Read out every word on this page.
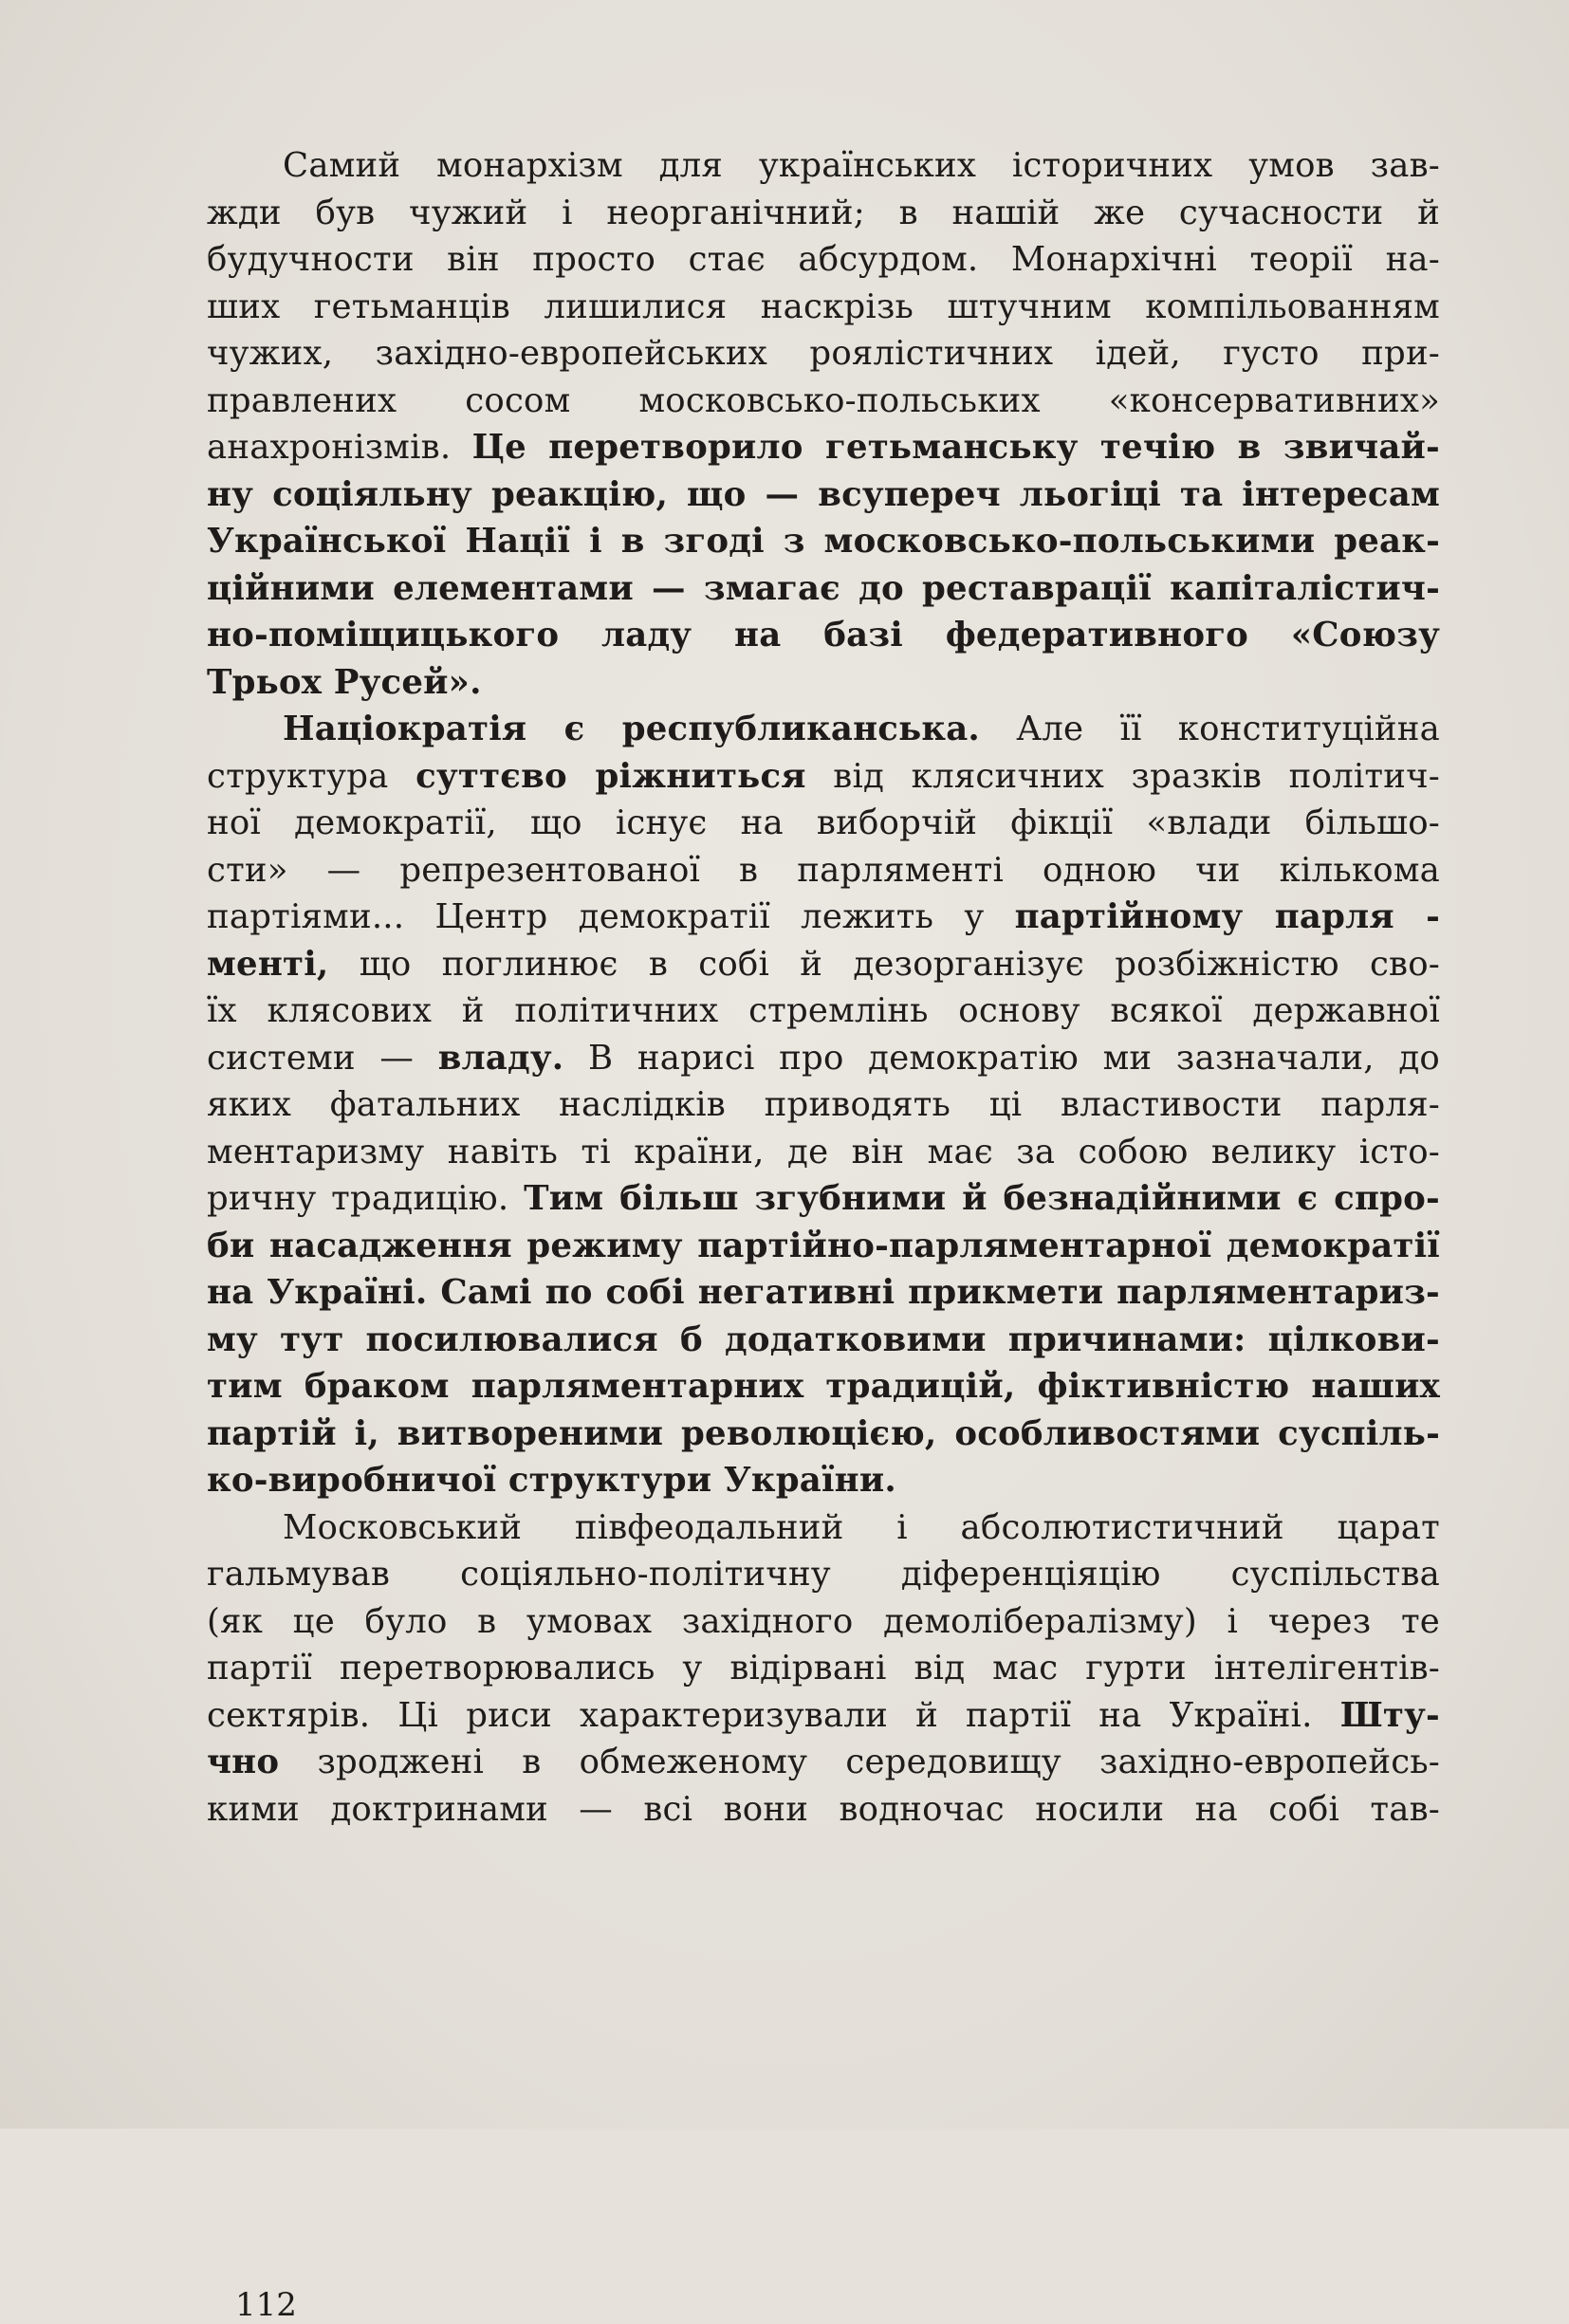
Самий монархізм для українських історичних умов зав-
жди був чужий і неорганічний; в нашій же сучасности й
будучности він просто стає абсурдом. Монархічні теорії на-
ших гетьманців лишилися наскрізь штучним компільованням
чужих, західно-европейських роялістичних ідей, густо при-
правлених сосом московсько-польських «консервативних»
анахронізмів. Це перетворило гетьманську течію в звичай-
ну соціяльну реакцію, що — всупереч льогіці та інтересам
Української Нації і в згоді з московсько-польськими реак-
ційними елементами — змагає до реставрації капіталістич-
но-поміщицького ладу на базі федеративного «Союзу
Трьох Русей».
Націократія є республиканська. Але її конституційна
структура суттєво ріжниться від клясичних зразків політич-
ної демократії, що існує на виборчій фікції «влади більшо-
сти» — репрезентованої в парляменті одною чи кількома
партіями... Центр демократії лежить у партійному парля -
менті, що поглинює в собі й дезорганізує розбіжністю сво-
їх клясових й політичних стремлінь основу всякої державної
системи — владу. В нарисі про демократію ми зазначали, до
яких фатальних наслідків приводять ці властивости парля-
ментаризму навіть ті країни, де він має за собою велику істо-
ричну традицію. Тим більш згубними й безнадійними є спро-
би насадження режиму партійно-парляментарної демократії
на Україні. Самі по собі негативні прикмети парляментариз-
му тут посилювалися б додатковими причинами: цілкови-
тим браком парляментарних традицій, фіктивністю наших
партій і, витвореними революцією, особливостями суспіль-
ко-виробничої структури України.
Московський півфеодальний і абсолютистичний царат
гальмував соціяльно-політичну діференціяцію суспільства
(як це було в умовах західного демолібералізму) і через те
партії перетворювались у відірвані від мас гурти інтелігентів-
сектярів. Ці риси характеризували й партії на Україні. Шту-
чно зроджені в обмеженому середовищу західно-европейсь-
кими доктринами — всі вони водночас носили на собі тав-
112
